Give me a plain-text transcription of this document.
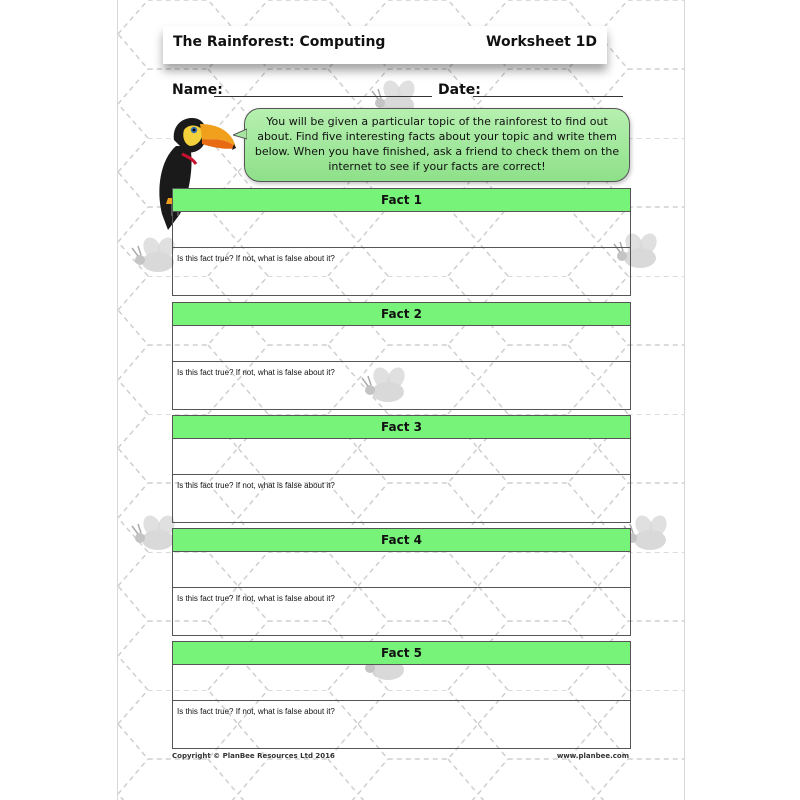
The Rainforest: Computing	Worksheet 1D
Name:	Date:
You will be given a particular topic of the rainforest to find out about. Find five interesting facts about your topic and write them below. When you have finished, ask a friend to check them on the internet to see if your facts are correct!
Fact 1
Is this fact true? If not, what is false about it?
Fact 2
Is this fact true? If not, what is false about it?
Fact 3
Is this fact true? If not, what is false about it?
Fact 4
Is this fact true? If not, what is false about it?
Fact 5
Is this fact true? If not, what is false about it?
Copyright © PlanBee Resources Ltd 2016	www.planbee.com
